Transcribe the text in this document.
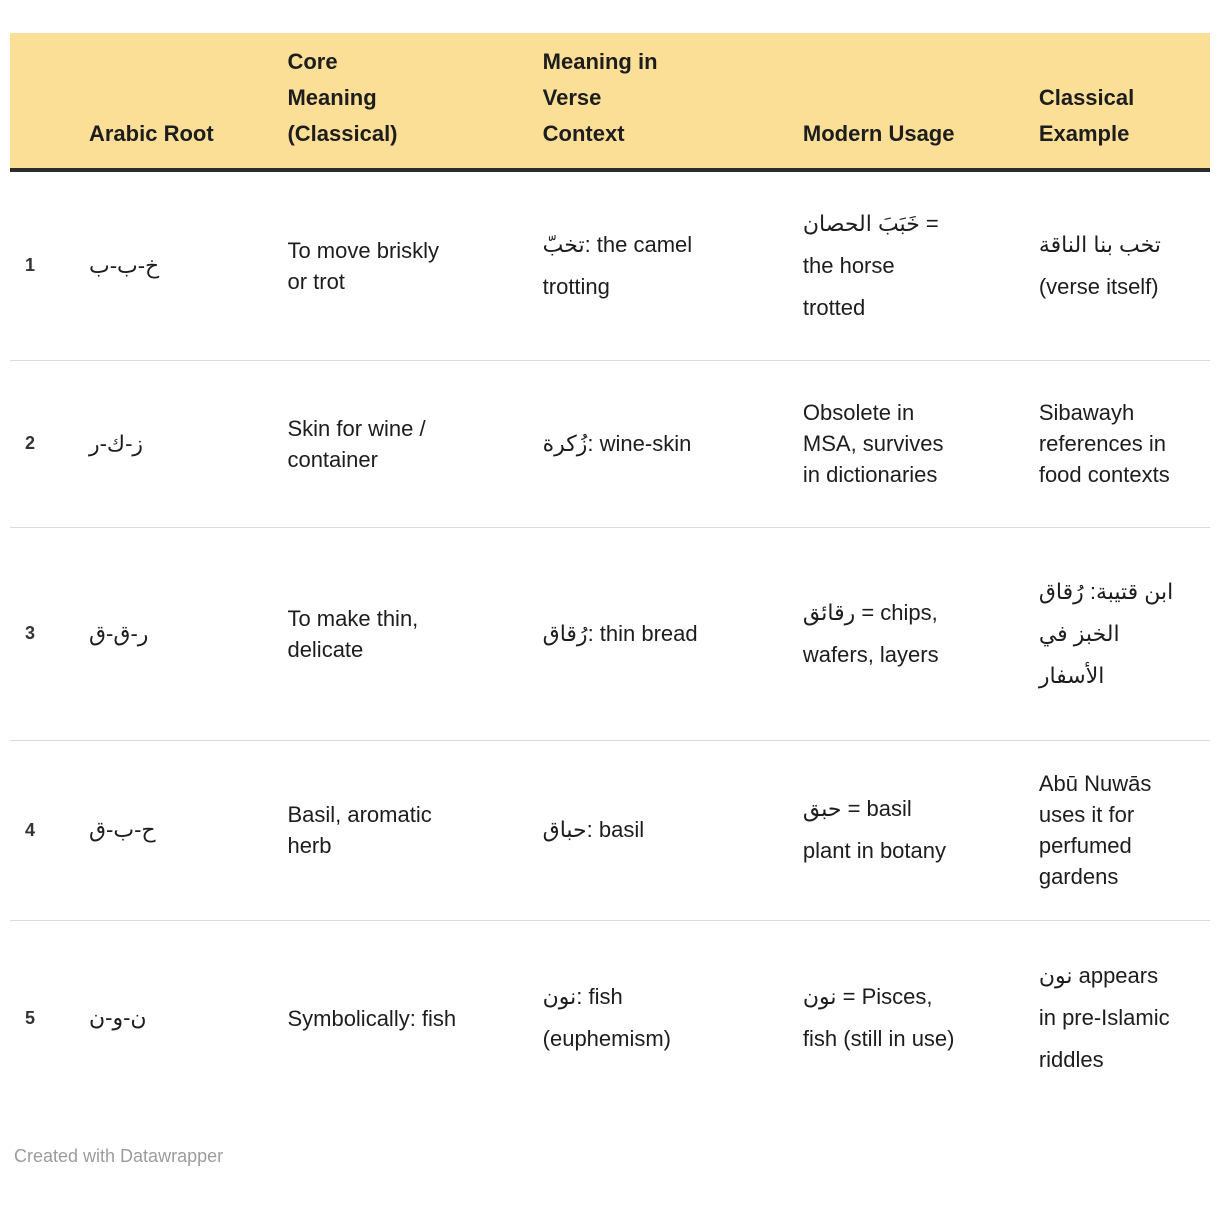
	Arabic Root	Core Meaning (Classical)	Meaning in Verse Context	Modern Usage	Classical Example
1	خ-ب-ب	To move briskly or trot	تخبّ: the camel trotting	خَبَبَ الحصان = the horse trotted	تخب بنا الناقة (verse itself)
2	ز-ك-ر	Skin for wine / container	زُكرة: wine-skin	Obsolete in MSA, survives in dictionaries	Sibawayh references in food contexts
3	ر-ق-ق	To make thin, delicate	رُقاق: thin bread	رقائق = chips, wafers, layers	ابن قتيبة: رُقاق الخبز في الأسفار
4	ح-ب-ق	Basil, aromatic herb	حباق: basil	حبق = basil plant in botany	Abū Nuwās uses it for perfumed gardens
5	ن-و-ن	Symbolically: fish	نون: fish (euphemism)	نون = Pisces, fish (still in use)	نون appears in pre-Islamic riddles
Created with Datawrapper
